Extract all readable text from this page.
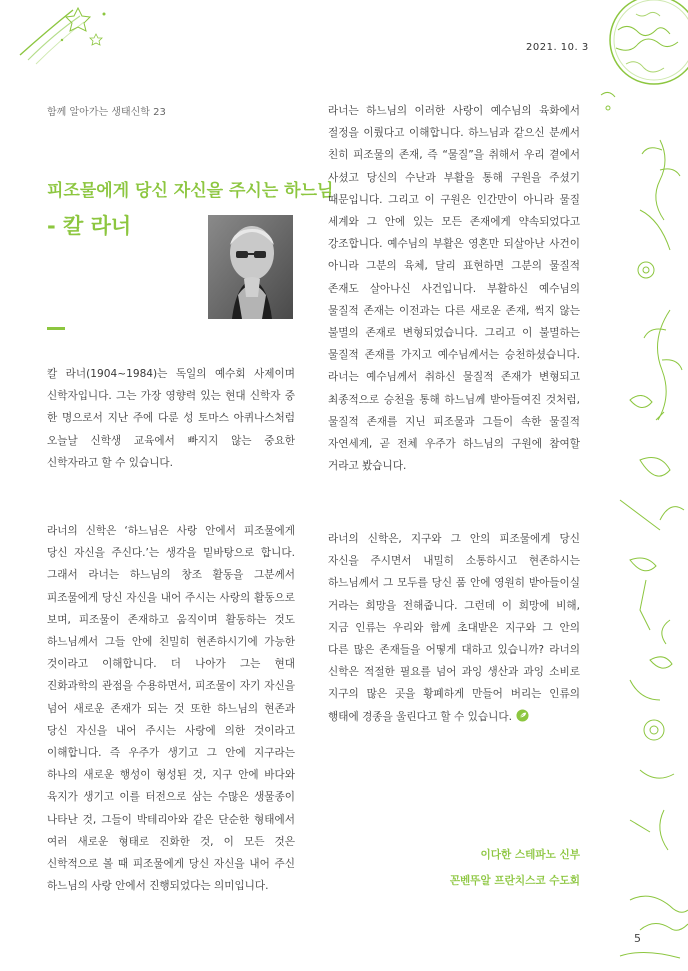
2021. 10. 3
함께 알아가는 생태신학 23
피조물에게 당신 자신을 주시는 하느님
- 칼 라너

칼 라너(1904~1984)는 독일의 예수회 사제이며 신학자입니다. 그는 가장 영향력 있는 현대 신학자 중 한 명으로서 지난 주에 다룬 성 토마스 아퀴나스처럼 오늘날 신학생 교육에서 빠지지 않는 중요한 신학자라고 할 수 있습니다.

라너의 신학은 ‘하느님은 사랑 안에서 피조물에게 당신 자신을 주신다.’는 생각을 밑바탕으로 합니다. 그래서 라너는 하느님의 창조 활동을 그분께서 피조물에게 당신 자신을 내어 주시는 사랑의 활동으로 보며, 피조물이 존재하고 움직이며 활동하는 것도 하느님께서 그들 안에 친밀히 현존하시기에 가능한 것이라고 이해합니다. 더 나아가 그는 현대 진화과학의 관점을 수용하면서, 피조물이 자기 자신을 넘어 새로운 존재가 되는 것 또한 하느님의 현존과 당신 자신을 내어 주시는 사랑에 의한 것이라고 이해합니다. 즉 우주가 생기고 그 안에 지구라는 하나의 새로운 행성이 형성된 것, 지구 안에 바다와 육지가 생기고 이를 터전으로 삼는 수많은 생물종이 나타난 것, 그들이 박테리아와 같은 단순한 형태에서 여러 새로운 형태로 진화한 것, 이 모든 것은 신학적으로 볼 때 피조물에게 당신 자신을 내어 주신 하느님의 사랑 안에서 진행되었다는 의미입니다.

라너는 하느님의 이러한 사랑이 예수님의 육화에서 절정을 이뤘다고 이해합니다. 하느님과 같으신 분께서 친히 피조물의 존재, 즉 “물질”을 취해서 우리 곁에서 사셨고 당신의 수난과 부활을 통해 구원을 주셨기 때문입니다. 그리고 이 구원은 인간만이 아니라 물질 세계와 그 안에 있는 모든 존재에게 약속되었다고 강조합니다. 예수님의 부활은 영혼만 되살아난 사건이 아니라 그분의 육체, 달리 표현하면 그분의 물질적 존재도 살아나신 사건입니다. 부활하신 예수님의 물질적 존재는 이전과는 다른 새로운 존재, 썩지 않는 불멸의 존재로 변형되었습니다. 그리고 이 불멸하는 물질적 존재를 가지고 예수님께서는 승천하셨습니다. 라너는 예수님께서 취하신 물질적 존재가 변형되고 최종적으로 승천을 통해 하느님께 받아들여진 것처럼, 물질적 존재를 지닌 피조물과 그들이 속한 물질적 자연세계, 곧 전체 우주가 하느님의 구원에 참여할 거라고 봤습니다.

라너의 신학은, 지구와 그 안의 피조물에게 당신 자신을 주시면서 내밀히 소통하시고 현존하시는 하느님께서 그 모두를 당신 품 안에 영원히 받아들이실 거라는 희망을 전해줍니다. 그런데 이 희망에 비해, 지금 인류는 우리와 함께 초대받은 지구와 그 안의 다른 많은 존재들을 어떻게 대하고 있습니까? 라너의 신학은 적절한 필요를 넘어 과잉 생산과 과잉 소비로 지구의 많은 곳을 황폐하게 만들어 버리는 인류의 행태에 경종을 울린다고 할 수 있습니다.

이다한 스테파노 신부
꼰벤뚜알 프란치스코 수도회
5
